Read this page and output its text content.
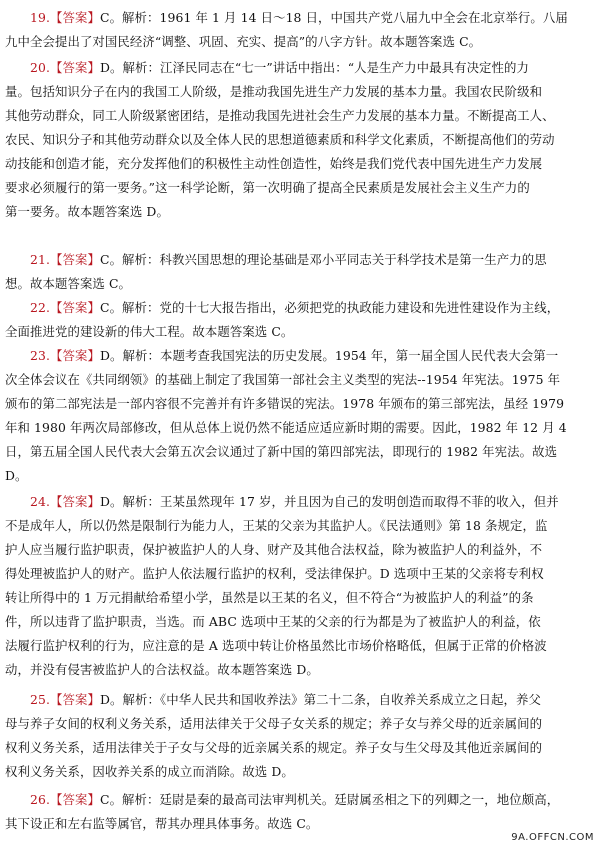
19.【答案】C。解析：1961 年 1 月 14 日～18 日，中国共产党八届九中全会在北京举行。八届
九中全会提出了对国民经济“调整、巩固、充实、提高”的八字方针。故本题答案选 C。
20.【答案】D。解析：江泽民同志在“七一”讲话中指出：“人是生产力中最具有决定性的力
量。包括知识分子在内的我国工人阶级，是推动我国先进生产力发展的基本力量。我国农民阶级和
其他劳动群众，同工人阶级紧密团结，是推动我国先进社会生产力发展的基本力量。不断提高工人、
农民、知识分子和其他劳动群众以及全体人民的思想道德素质和科学文化素质，不断提高他们的劳动
动技能和创造才能，充分发挥他们的积极性主动性创造性，始终是我们党代表中国先进生产力发展
要求必须履行的第一要务。”这一科学论断，第一次明确了提高全民素质是发展社会主义生产力的
第一要务。故本题答案选 D。
21.【答案】C。解析：科教兴国思想的理论基础是邓小平同志关于科学技术是第一生产力的思
想。故本题答案选 C。
22.【答案】C。解析：党的十七大报告指出，必须把党的执政能力建设和先进性建设作为主线，
全面推进党的建设新的伟大工程。故本题答案选 C。
23.【答案】D。解析：本题考查我国宪法的历史发展。1954 年，第一届全国人民代表大会第一
次全体会议在《共同纲领》的基础上制定了我国第一部社会主义类型的宪法--1954 年宪法。1975 年
颁布的第二部宪法是一部内容很不完善并有许多错误的宪法。1978 年颁布的第三部宪法，虽经 1979
年和 1980 年两次局部修改，但从总体上说仍然不能适应适应新时期的需要。因此，1982 年 12 月 4
日，第五届全国人民代表大会第五次会议通过了新中国的第四部宪法，即现行的 1982 年宪法。故选
D。
24.【答案】D。解析：王某虽然现年 17 岁，并且因为自己的发明创造而取得不菲的收入，但并
不是成年人，所以仍然是限制行为能力人，王某的父亲为其监护人。《民法通则》第 18 条规定，监
护人应当履行监护职责，保护被监护人的人身、财产及其他合法权益，除为被监护人的利益外，不
得处理被监护人的财产。监护人依法履行监护的权利，受法律保护。D 选项中王某的父亲将专利权
转让所得中的 1 万元捐献给希望小学，虽然是以王某的名义，但不符合“为被监护人的利益”的条
件，所以违背了监护职责，当选。而 ABC 选项中王某的父亲的行为都是为了被监护人的利益，依
法履行监护权利的行为，应注意的是 A 选项中转让价格虽然比市场价格略低，但属于正常的价格波
动，并没有侵害被监护人的合法权益。故本题答案选 D。
25.【答案】D。解析：《中华人民共和国收养法》第二十二条，自收养关系成立之日起，养父
母与养子女间的权利义务关系，适用法律关于父母子女关系的规定；养子女与养父母的近亲属间的
权利义务关系，适用法律关于子女与父母的近亲属关系的规定。养子女与生父母及其他近亲属间的
权利义务关系，因收养关系的成立而消除。故选 D。
26.【答案】C。解析：廷尉是秦的最高司法审判机关。廷尉属丞相之下的列卿之一，地位颇高，
其下设正和左右监等属官，帮其办理具体事务。故选 C。
9A.OFFCN.COM
